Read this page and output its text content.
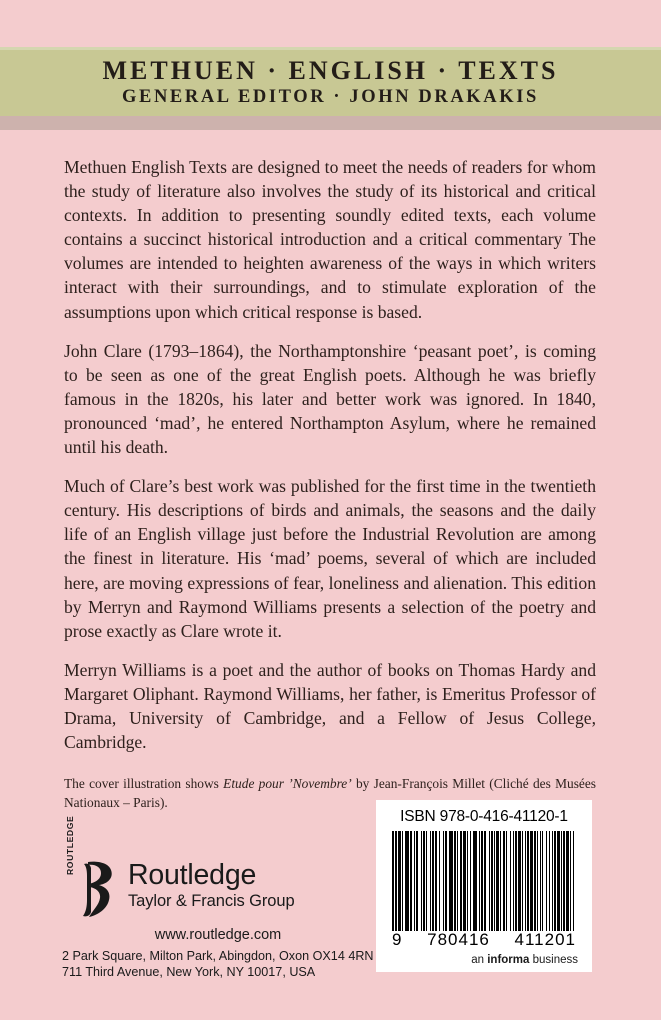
METHUEN · ENGLISH · TEXTS
GENERAL EDITOR · JOHN DRAKAKIS

Methuen English Texts are designed to meet the needs of readers for whom the study of literature also involves the study of its historical and critical contexts. In addition to presenting soundly edited texts, each volume contains a succinct historical introduction and a critical commentary The volumes are intended to heighten awareness of the ways in which writers interact with their surroundings, and to stimulate exploration of the assumptions upon which critical response is based.

John Clare (1793–1864), the Northamptonshire ‘peasant poet’, is coming to be seen as one of the great English poets. Although he was briefly famous in the 1820s, his later and better work was ignored. In 1840, pronounced ‘mad’, he entered Northampton Asylum, where he remained until his death.

Much of Clare’s best work was published for the first time in the twentieth century. His descriptions of birds and animals, the seasons and the daily life of an English village just before the Industrial Revolution are among the finest in literature. His ‘mad’ poems, several of which are included here, are moving expressions of fear, loneliness and alienation. This edition by Merryn and Raymond Williams presents a selection of the poetry and prose exactly as Clare wrote it.

Merryn Williams is a poet and the author of books on Thomas Hardy and Margaret Oliphant. Raymond Williams, her father, is Emeritus Professor of Drama, University of Cambridge, and a Fellow of Jesus College, Cambridge.

The cover illustration shows Etude pour ’Novembre’ by Jean-François Millet (Cliché des Musées Nationaux – Paris).

ROUTLEDGE Routledge
Taylor & Francis Group
www.routledge.com
2 Park Square, Milton Park, Abingdon, Oxon OX14 4RN
711 Third Avenue, New York, NY 10017, USA
ISBN 978-0-416-41120-1
9 780416 411201
an informa business
